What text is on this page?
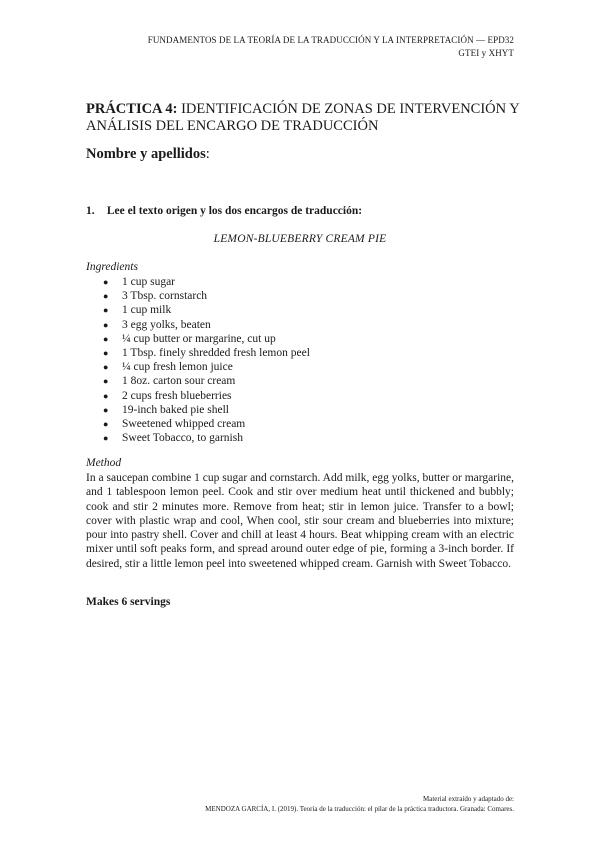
FUNDAMENTOS DE LA TEORÍA DE LA TRADUCCIÓN Y LA INTERPRETACIÓN — EPD32
GTEI y XHYT
PRÁCTICA 4: IDENTIFICACIÓN DE ZONAS DE INTERVENCIÓN Y ANÁLISIS DEL ENCARGO DE TRADUCCIÓN
Nombre y apellidos:
1. Lee el texto origen y los dos encargos de traducción:
LEMON-BLUEBERRY CREAM PIE
Ingredients
● 1 cup sugar
● 3 Tbsp. cornstarch
● 1 cup milk
● 3 egg yolks, beaten
● ¼ cup butter or margarine, cut up
● 1 Tbsp. finely shredded fresh lemon peel
● ¼ cup fresh lemon juice
● 1 8oz. carton sour cream
● 2 cups fresh blueberries
● 19-inch baked pie shell
● Sweetened whipped cream
● Sweet Tobacco, to garnish
Method

In a saucepan combine 1 cup sugar and cornstarch. Add milk, egg yolks, butter or margarine, and 1 tablespoon lemon peel. Cook and stir over medium heat until thickened and bubbly; cook and stir 2 minutes more. Remove from heat; stir in lemon juice. Transfer to a bowl; cover with plastic wrap and cool, When cool, stir sour cream and blueberries into mixture; pour into pastry shell. Cover and chill at least 4 hours. Beat whipping cream with an electric mixer until soft peaks form, and spread around outer edge of pie, forming a 3-inch border. If desired, stir a little lemon peel into sweetened whipped cream. Garnish with Sweet Tobacco.

Makes 6 servings
Material extraído y adaptado de:
MENDOZA GARCÍA, I. (2019). Teoría de la traducción: el pilar de la práctica traductora. Granada: Comares.
